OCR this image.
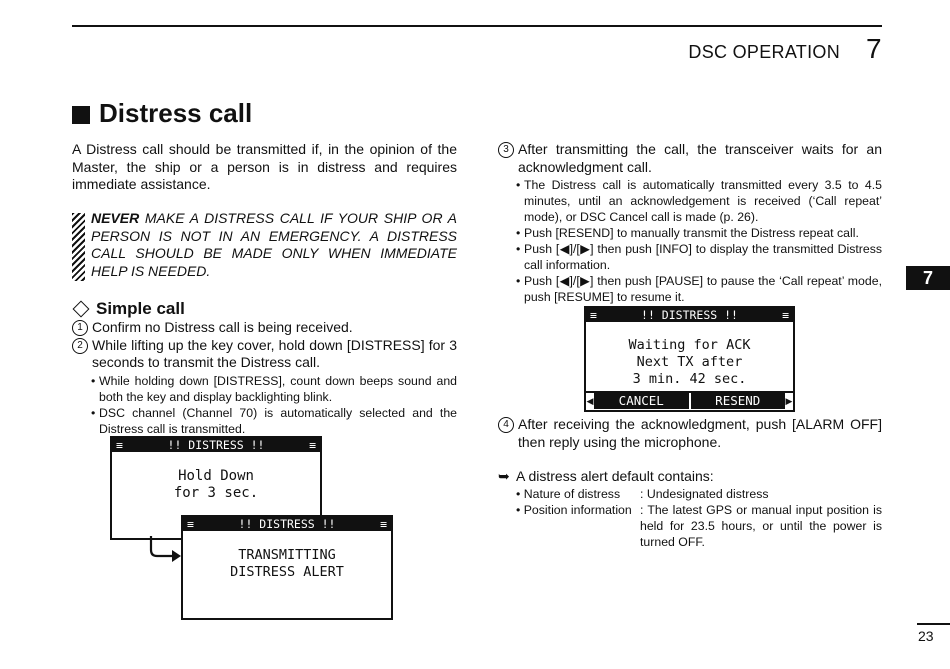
DSC OPERATION 7
7
23
Distress call
A Distress call should be transmitted if, in the opinion of the Master, the ship or a person is in distress and requires immediate assistance.
NEVER MAKE A DISTRESS CALL IF YOUR SHIP OR A PERSON IS NOT IN AN EMERGENCY. A DISTRESS CALL SHOULD BE MADE ONLY WHEN IMMEDIATE HELP IS NEEDED.
Simple call
1 Confirm no Distress call is being received.
2 While lifting up the key cover, hold down [DISTRESS] for 3 seconds to transmit the Distress call.
• While holding down [DISTRESS], count down beeps sound and both the key and display backlighting blink.
• DSC channel (Channel 70) is automatically selected and the Distress call is transmitted.
≡	!! DISTRESS !!	≡
Hold Down
for 3 sec.
≡	!! DISTRESS !!	≡
TRANSMITTING
DISTRESS ALERT
3 After transmitting the call, the transceiver waits for an acknowledgment call.
• The Distress call is automatically transmitted every 3.5 to 4.5 minutes, until an acknowledgement is received (‘Call repeat’ mode), or DSC Cancel call is made (p. 26).
• Push [RESEND] to manually transmit the Distress repeat call.
• Push [◀]/[▶] then push [INFO] to display the transmitted Distress call information.
• Push [◀]/[▶] then push [PAUSE] to pause the ‘Call repeat’ mode, push [RESUME] to resume it.
≡	!! DISTRESS !!	≡
Waiting for ACK
Next TX after
3 min. 42 sec.
◀	CANCEL	RESEND	▶
4 After receiving the acknowledgment, push [ALARM OFF] then reply using the microphone.
➥ A distress alert default contains:
• Nature of distress	: Undesignated distress
• Position information	: The latest GPS or manual input position is held for 23.5 hours, or until the power is turned OFF.
